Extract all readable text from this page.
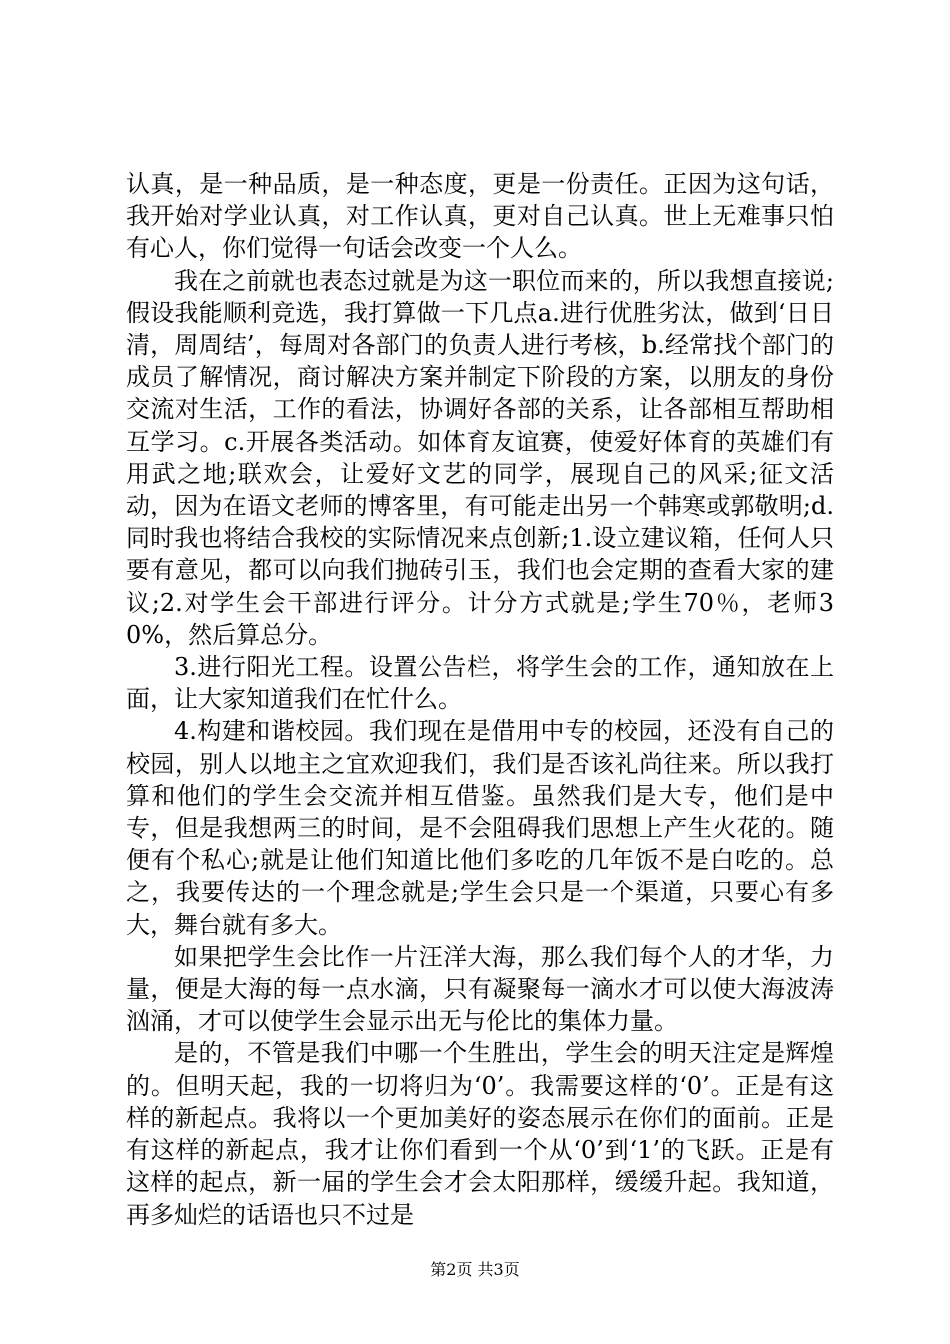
认真，是一种品质，是一种态度，更是一份责任。正因为这句话，我开始对学业认真，对工作认真，更对自己认真。世上无难事只怕有心人，你们觉得一句话会改变一个人么。

我在之前就也表态过就是为这一职位而来的，所以我想直接说;假设我能顺利竞选，我打算做一下几点a.进行优胜劣汰，做到‘日日清，周周结’，每周对各部门的负责人进行考核，b.经常找个部门的成员了解情况，商讨解决方案并制定下阶段的方案，以朋友的身份交流对生活，工作的看法，协调好各部的关系，让各部相互帮助相互学习。c.开展各类活动。如体育友谊赛，使爱好体育的英雄们有用武之地;联欢会，让爱好文艺的同学，展现自己的风采;征文活动，因为在语文老师的博客里，有可能走出另一个韩寒或郭敬明;d.同时我也将结合我校的实际情况来点创新;1.设立建议箱，任何人只要有意见，都可以向我们抛砖引玉，我们也会定期的查看大家的建议;2.对学生会干部进行评分。计分方式就是;学生70％，老师30%，然后算总分。

3.进行阳光工程。设置公告栏，将学生会的工作，通知放在上面，让大家知道我们在忙什么。

4.构建和谐校园。我们现在是借用中专的校园，还没有自己的校园，别人以地主之宜欢迎我们，我们是否该礼尚往来。所以我打算和他们的学生会交流并相互借鉴。虽然我们是大专，他们是中专，但是我想两三的时间，是不会阻碍我们思想上产生火花的。随便有个私心;就是让他们知道比他们多吃的几年饭不是白吃的。总之，我要传达的一个理念就是;学生会只是一个渠道，只要心有多大，舞台就有多大。

如果把学生会比作一片汪洋大海，那么我们每个人的才华，力量，便是大海的每一点水滴，只有凝聚每一滴水才可以使大海波涛汹涌，才可以使学生会显示出无与伦比的集体力量。

是的，不管是我们中哪一个生胜出，学生会的明天注定是辉煌的。但明天起，我的一切将归为‘0’。我需要这样的‘0’。正是有这样的新起点。我将以一个更加美好的姿态展示在你们的面前。正是有这样的新起点，我才让你们看到一个从‘0’到‘1’的飞跃。正是有这样的起点，新一届的学生会才会太阳那样，缓缓升起。我知道，再多灿烂的话语也只不过是

第2页 共3页
